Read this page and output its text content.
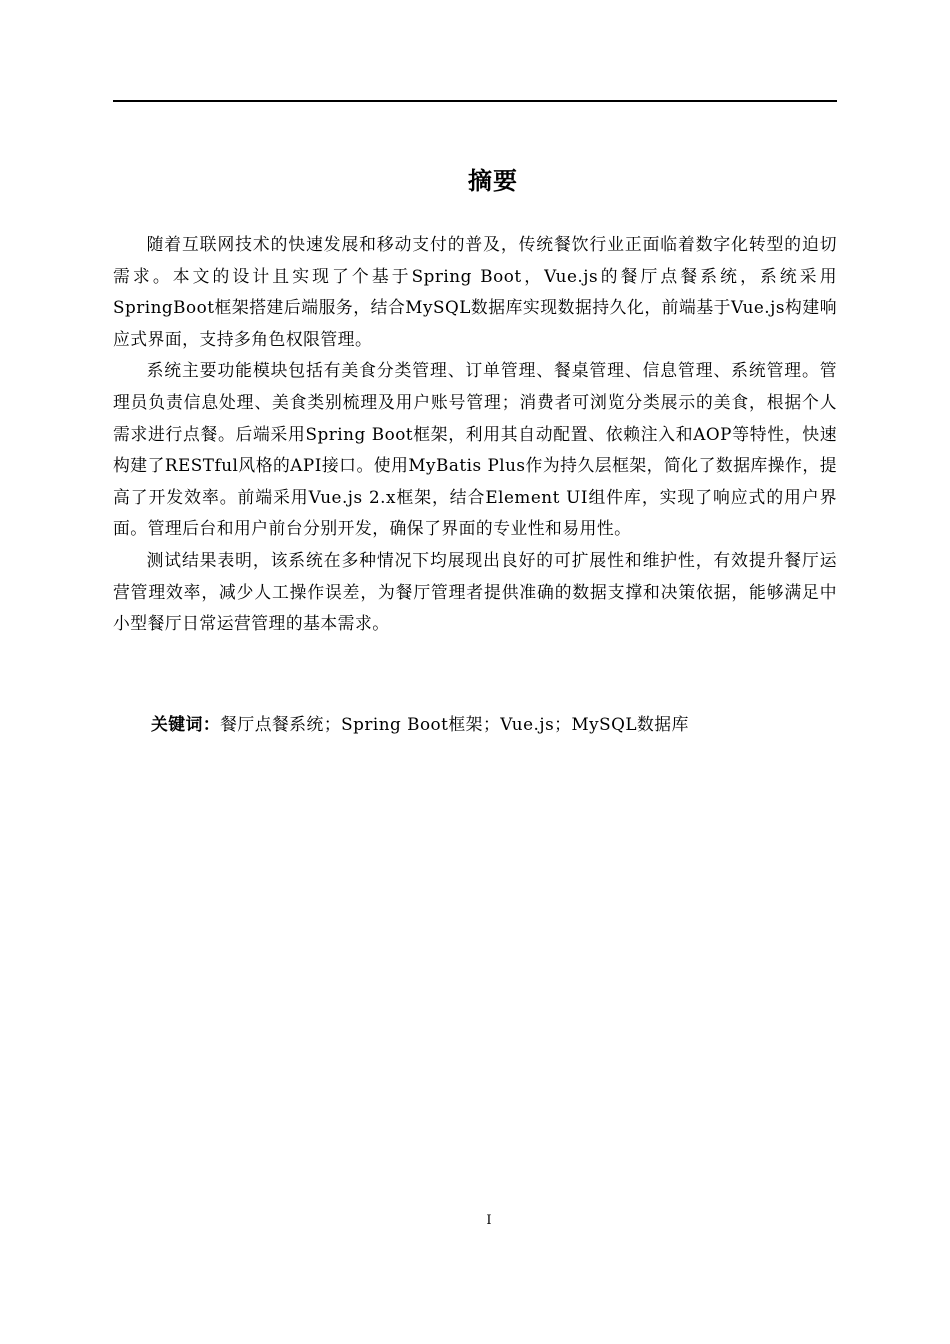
摘要

随着互联网技术的快速发展和移动支付的普及，传统餐饮行业正面临着数字化转型的迫切需求。本文的设计且实现了个基于Spring Boot，Vue.js的餐厅点餐系统，系统采用SpringBoot框架搭建后端服务，结合MySQL数据库实现数据持久化，前端基于Vue.js构建响应式界面，支持多角色权限管理。

系统主要功能模块包括有美食分类管理、订单管理、餐桌管理、信息管理、系统管理。管理员负责信息处理、美食类别梳理及用户账号管理；消费者可浏览分类展示的美食，根据个人需求进行点餐。后端采用Spring Boot框架，利用其自动配置、依赖注入和AOP等特性，快速构建了RESTful风格的API接口。使用MyBatis Plus作为持久层框架，简化了数据库操作，提高了开发效率。前端采用Vue.js 2.x框架，结合Element UI组件库，实现了响应式的用户界面。管理后台和用户前台分别开发，确保了界面的专业性和易用性。

测试结果表明，该系统在多种情况下均展现出良好的可扩展性和维护性，有效提升餐厅运营管理效率，减少人工操作误差，为餐厅管理者提供准确的数据支撑和决策依据，能够满足中小型餐厅日常运营管理的基本需求。

关键词：餐厅点餐系统；Spring Boot框架；Vue.js；MySQL数据库
I
